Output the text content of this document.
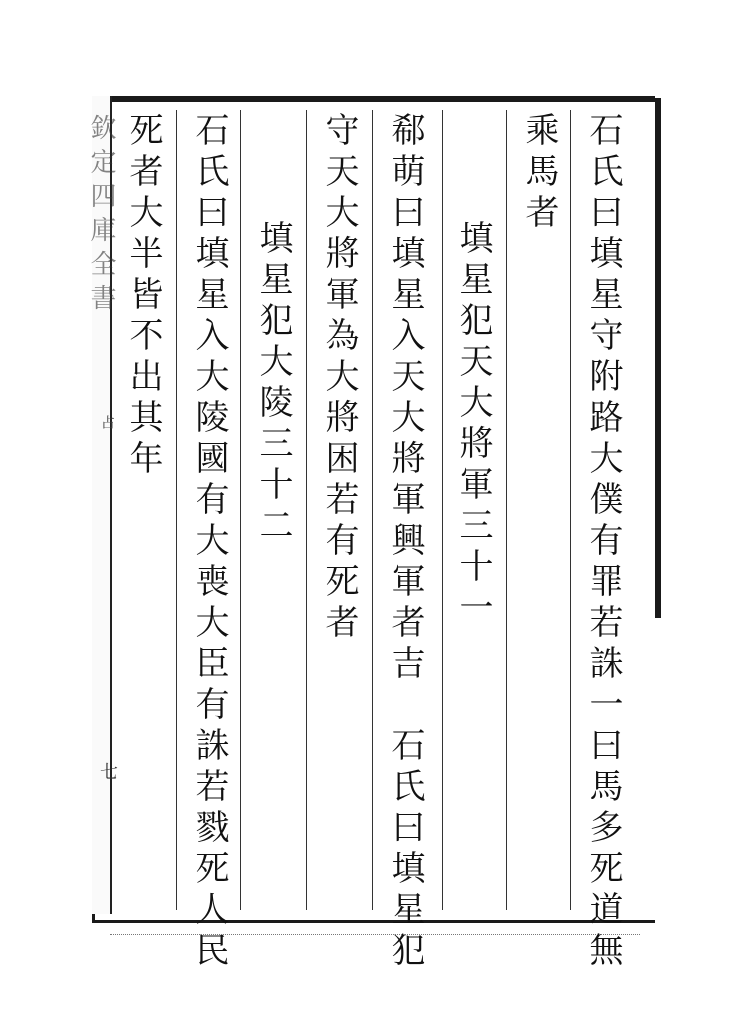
欽定四庫全書
占
七	石氏曰填星守附路大僕有罪若誅一曰馬多死道無
乘馬者
填星犯天大將軍三十一
郗萌曰填星入天大將軍興軍者吉　石氏曰填星犯
守天大將軍為大將困若有死者
填星犯大陵三十二
石氏曰填星入大陵國有大喪大臣有誅若戮死人民
死者大半皆不出其年
